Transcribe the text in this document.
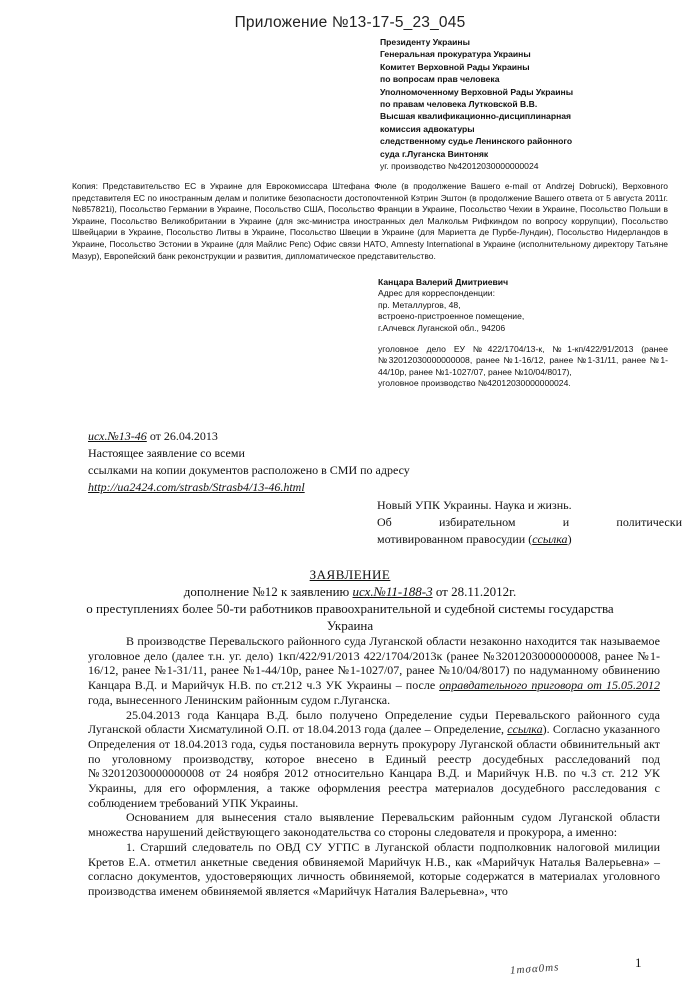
Приложение №13-17-5_23_045
Президенту Украины
Генеральная прокуратура Украины
Комитет Верховной Рады Украины
по вопросам прав человека
Уполномоченному Верховной Рады Украины
по правам человека Лутковской В.В.
Высшая квалификационно-дисциплинарная
комиссия адвокатуры
следственному судье Ленинского районного
суда г.Луганска Винтоняк
уг. производство №42012030000000024
Копия: Представительство ЕС в Украине для Еврокомиссара Штефана Фюле (в продолжение Вашего e-mail от Andrzej Dobrucki), Верховного представителя ЕС по иностранным делам и политике безопасности достопочтенной Кэтрин Эштон (в продолжение Вашего ответа от 5 августа 2011г. №857821i), Посольство Германии в Украине, Посольство США, Посольство Франции в Украине, Посольство Чехии в Украине, Посольство Польши в Украине, Посольство Великобритании в Украине (для экс-министра иностранных дел Малкольм Рифкиндом по вопросу коррупции), Посольство Швейцарии в Украине, Посольство Литвы в Украине, Посольство Швеции в Украине (для Мариетта де Пурбе-Лундин), Посольство Нидерландов в Украине, Посольство Эстонии в Украине (для Майлис Репс) Офис связи НАТО, Amnesty International в Украине (исполнительному директору Татьяне Мазур), Европейский банк реконструкции и развития, дипломатическое представительство.
Канцара Валерий Дмитриевич
Адрес для корреспонденции:
пр. Металлургов, 48,
встроено-пристроенное помещение,
г.Алчевск Луганской обл., 94206
уголовное дело ЕУ №422/1704/13-к, №1-кп/422/91/2013 (ранее №32012030000000008, ранее №1-16/12, ранее №1-31/11, ранее №1-44/10р, ранее №1-1027/07, ранее №10/04/8017),
уголовное производство №42012030000000024.
исх.№13-46 от 26.04.2013
Настоящее заявление со всеми
ссылками на копии документов расположено в СМИ по адресу
http://ua2424.com/strasb/Strasb4/13-46.html
Новый УПК Украины. Наука и жизнь.
Об избирательном и политически
мотивированном правосудии (ссылка)
ЗАЯВЛЕНИЕ
дополнение №12 к заявлению исх.№11-188-3 от 28.11.2012г.
о преступлениях более 50-ти работников правоохранительной и судебной системы государства
Украина

В производстве Перевальского районного суда Луганской области незаконно находится так называемое уголовное дело (далее т.н. уг. дело) 1кп/422/91/2013 422/1704/2013к (ранее №32012030000000008, ранее №1-16/12, ранее №1-31/11, ранее №1-44/10р, ранее №1-1027/07, ранее №10/04/8017) по надуманному обвинению Канцара В.Д. и Марийчук Н.В. по ст.212 ч.3 УК Украины – после оправдательного приговора от 15.05.2012 года, вынесенного Ленинским районным судом г.Луганска.

25.04.2013 года Канцара В.Д. было получено Определение судьи Перевальского районного суда Луганской области Хисматулиной О.П. от 18.04.2013 года (далее – Определение, ссылка). Согласно указанного Определения от 18.04.2013 года, судья постановила вернуть прокурору Луганской области обвинительный акт по уголовному производству, которое внесено в Единый реестр досудебных расследований под №32012030000000008 от 24 ноября 2012 относительно Канцара В.Д. и Марийчук Н.В. по ч.3 ст. 212 УК Украины, для его оформления, а также оформления реестра материалов досудебного расследования с соблюдением требований УПК Украины.

Основанием для вынесения стало выявление Перевальским районным судом Луганской области множества нарушений действующего законодательства со стороны следователя и прокурора, а именно:

1. Старший следователь по ОВД СУ УГПС в Луганской области подполковник налоговой милиции Кретов Е.А. отметил анкетные сведения обвиняемой Марийчук Н.В., как «Марийчук Наталья Валерьевна» – согласно документов, удостоверяющих личность обвиняемой, которые содержатся в материалах уголовного производства именем обвиняемой является «Марийчук Наталия Валерьевна», что

1mσα0ms	1
